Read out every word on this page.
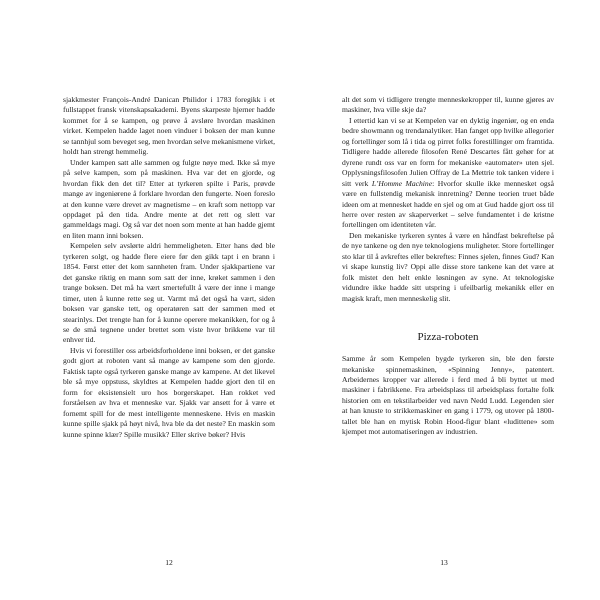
sjakkmester François-André Danican Philidor i 1783 foregikk i et fullstappet fransk vitenskapsakademi. Byens skarpeste hjerner hadde kommet for å se kampen, og prøve å avsløre hvordan maskinen virket. Kempelen hadde laget noen vinduer i boksen der man kunne se tannhjul som beveget seg, men hvordan selve mekanismene virket, holdt han strengt hemmelig.

Under kampen satt alle sammen og fulgte nøye med. Ikke så mye på selve kampen, som på maskinen. Hva var det en gjorde, og hvordan fikk den det til? Etter at tyrkeren spilte i Paris, prøvde mange av ingeniørene å forklare hvordan den fungerte. Noen foreslo at den kunne være drevet av magnetisme – en kraft som nettopp var oppdaget på den tida. Andre mente at det rett og slett var gammeldags magi. Og så var det noen som mente at han hadde gjemt en liten mann inni boksen.

Kempelen selv avslørte aldri hemmeligheten. Etter hans død ble tyrkeren solgt, og hadde flere eiere før den gikk tapt i en brann i 1854. Først etter det kom sannheten fram. Under sjakkpartiene var det ganske riktig en mann som satt der inne, krøket sammen i den trange boksen. Det må ha vært smertefullt å være der inne i mange timer, uten å kunne rette seg ut. Varmt må det også ha vært, siden boksen var ganske tett, og operatøren satt der sammen med et stearinlys. Det trengte han for å kunne operere mekanikken, for og å se de små tegnene under brettet som viste hvor brikkene var til enhver tid.

Hvis vi forestiller oss arbeidsforholdene inni boksen, er det ganske godt gjort at roboten vant så mange av kampene som den gjorde. Faktisk tapte også tyrkeren ganske mange av kampene. At det likevel ble så mye oppstuss, skyldtes at Kempelen hadde gjort den til en form for eksistensielt uro hos borgerskapet. Han rokket ved forståelsen av hva et menneske var. Sjakk var ansett for å være et fornemt spill for de mest intelligente menneskene. Hvis en maskin kunne spille sjakk på høyt nivå, hva ble da det neste? En maskin som kunne spinne klær? Spille musikk? Eller skrive bøker? Hvis

12

alt det som vi tidligere trengte menneskekropper til, kunne gjøres av maskiner, hva ville skje da?

I ettertid kan vi se at Kempelen var en dyktig ingeniør, og en enda bedre showmann og trendanalytiker. Han fanget opp hvilke allegorier og fortellinger som lå i tida og pirret folks forestillinger om framtida. Tidligere hadde allerede filosofen René Descartes fått gehør for at dyrene rundt oss var en form for mekaniske «automater» uten sjel. Opplysningsfilosofen Julien Offray de La Mettrie tok tanken videre i sitt verk L’Homme Machine: Hvorfor skulle ikke mennesket også være en fullstendig mekanisk innretning? Denne teorien truet både ideen om at mennesket hadde en sjel og om at Gud hadde gjort oss til herre over resten av skaperverket – selve fundamentet i de kristne fortellingen om identiteten vår.

Den mekaniske tyrkeren syntes å være en håndfast bekreftelse på de nye tankene og den nye teknologiens muligheter. Store fortellinger sto klar til å avkreftes eller bekreftes: Finnes sjelen, finnes Gud? Kan vi skape kunstig liv? Oppi alle disse store tankene kan det være at folk mistet den helt enkle løsningen av syne. At teknologiske vidundre ikke hadde sitt utspring i ufeilbarlig mekanikk eller en magisk kraft, men menneskelig slit.

Pizza-roboten

Samme år som Kempelen bygde tyrkeren sin, ble den første mekaniske spinnemaskinen, «Spinning Jenny», patentert. Arbeidernes kropper var allerede i ferd med å bli byttet ut med maskiner i fabrikkene. Fra arbeidsplass til arbeidsplass fortalte folk historien om en tekstilarbeider ved navn Nedd Ludd. Legenden sier at han knuste to strikkemaskiner en gang i 1779, og utover på 1800-tallet ble han en mytisk Robin Hood-figur blant «ludittene» som kjempet mot automatiseringen av industrien.

13
